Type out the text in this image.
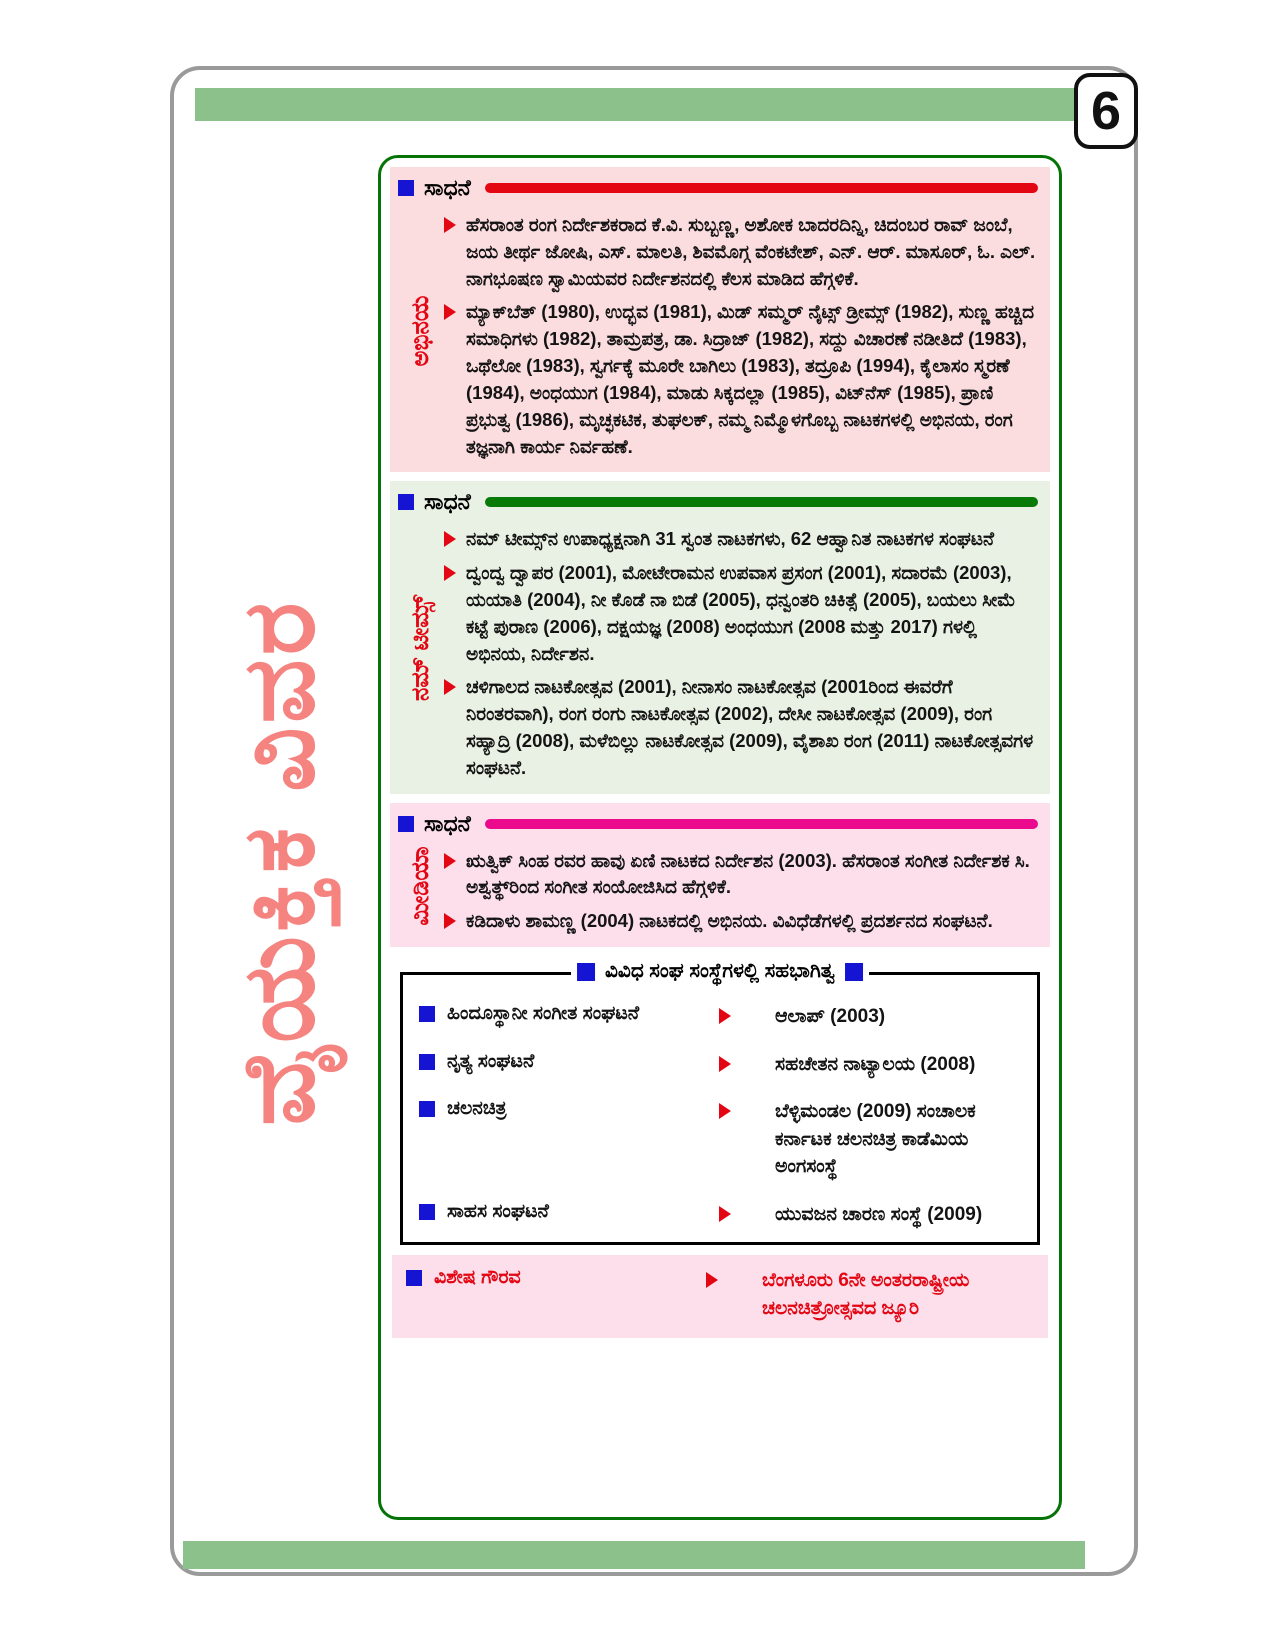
6
ವೈಯಕ್ತಿಕ ವಿವರ
ಸಾಧನೆ
ಅಭಿನಯ

ಹೆಸರಾಂತ ರಂಗ ನಿರ್ದೇಶಕರಾದ ಕೆ.ವಿ. ಸುಬ್ಬಣ್ಣ, ಅಶೋಕ ಬಾದರದಿನ್ನಿ, ಚಿದಂಬರ ರಾವ್ ಜಂಬೆ, ಜಯ ತೀರ್ಥ ಜೋಷಿ, ಎಸ್. ಮಾಲತಿ, ಶಿವಮೊಗ್ಗ ವೆಂಕಟೇಶ್, ಎನ್. ಆರ್. ಮಾಸೂರ್, ಓ. ಎಲ್. ನಾಗಭೂಷಣ ಸ್ವಾಮಿಯವರ ನಿರ್ದೇಶನದಲ್ಲಿ ಕೆಲಸ ಮಾಡಿದ ಹೆಗ್ಗಳಿಕೆ.

ಮ್ಯಾಕ್‌ಬೆತ್ (1980), ಉದ್ಭವ (1981), ಮಿಡ್ ಸಮ್ಮರ್ ನೈಟ್ಸ್ ಡ್ರೀಮ್ಸ್ (1982), ಸುಣ್ಣ ಹಚ್ಚಿದ ಸಮಾಧಿಗಳು (1982), ತಾಮ್ರಪತ್ರ, ಡಾ. ಸಿದ್ರಾಜ್ (1982), ಸದ್ದು ವಿಚಾರಣೆ ನಡೀತಿದೆ (1983), ಒಥೆಲೋ (1983), ಸ್ವರ್ಗಕ್ಕೆ ಮೂರೇ ಬಾಗಿಲು (1983), ತದ್ರೂಪಿ (1994), ಕೈಲಾಸಂ ಸ್ಮರಣೆ (1984), ಅಂಧಯುಗ (1984), ಮಾಡು ಸಿಕ್ಕದಲ್ಲಾ (1985), ವಿಟ್‌ನೆಸ್ (1985), ಪ್ರಾಣಿ ಪ್ರಭುತ್ವ (1986), ಮೃಚ್ಛಕಟಿಕ, ತುಘಲಕ್, ನಮ್ಮ ನಿಮ್ಮೊಳಗೊಬ್ಬ ನಾಟಕಗಳಲ್ಲಿ ಅಭಿನಯ, ರಂಗ ತಜ್ಞನಾಗಿ ಕಾರ್ಯ ನಿರ್ವಹಣೆ.

ಸಾಧನೆ
ನಮ್ ಟೀಮ್ಸ್

ನಮ್ ಟೀಮ್ಸ್‌ನ ಉಪಾಧ್ಯಕ್ಷನಾಗಿ 31 ಸ್ವಂತ ನಾಟಕಗಳು, 62 ಆಹ್ವಾನಿತ ನಾಟಕಗಳ ಸಂಘಟನೆ

ದ್ವಂದ್ವ ದ್ವಾಪರ (2001), ಮೋಟೇರಾಮನ ಉಪವಾಸ ಪ್ರಸಂಗ (2001), ಸದಾರಮೆ (2003), ಯಯಾತಿ (2004), ನೀ ಕೊಡೆ ನಾ ಬಿಡೆ (2005), ಧನ್ವಂತರಿ ಚಿಕಿತ್ಸೆ (2005), ಬಯಲು ಸೀಮೆ ಕಟ್ಟೆ ಪುರಾಣ (2006), ದಕ್ಷಯಜ್ಞ (2008) ಅಂಧಯುಗ (2008 ಮತ್ತು 2017) ಗಳಲ್ಲಿ ಅಭಿನಯ, ನಿರ್ದೇಶನ.

ಚಳಿಗಾಲದ ನಾಟಕೋತ್ಸವ (2001), ನೀನಾಸಂ ನಾಟಕೋತ್ಸವ (2001ರಿಂದ ಈವರೆಗೆ ನಿರಂತರವಾಗಿ), ರಂಗ ರಂಗು ನಾಟಕೋತ್ಸವ (2002), ದೇಸೀ ನಾಟಕೋತ್ಸವ (2009), ರಂಗ ಸಹ್ಯಾದ್ರಿ (2008), ಮಳೆಬಿಲ್ಲು ನಾಟಕೋತ್ಸವ (2009), ವೈಶಾಖ ರಂಗ (2011) ನಾಟಕೋತ್ಸವಗಳ ಸಂಘಟನೆ.

ಸಾಧನೆ
ಮೀಡಿಯಾ ಋತ್ವಿಕ್ ಸಿಂಹ ರವರ ಹಾವು ಏಣಿ ನಾಟಕದ ನಿರ್ದೇಶನ (2003). ಹೆಸರಾಂತ ಸಂಗೀತ ನಿರ್ದೇಶಕ ಸಿ. ಅಶ್ವತ್ಥ್‌ರಿಂದ ಸಂಗೀತ ಸಂಯೋಜಿಸಿದ ಹೆಗ್ಗಳಿಕೆ.

ಕಡಿದಾಳು ಶಾಮಣ್ಣ (2004) ನಾಟಕದಲ್ಲಿ ಅಭಿನಯ. ವಿವಿಧೆಡೆಗಳಲ್ಲಿ ಪ್ರದರ್ಶನದ ಸಂಘಟನೆ.

ವಿವಿಧ ಸಂಘ ಸಂಸ್ಥೆಗಳಲ್ಲಿ ಸಹಭಾಗಿತ್ವ
ಹಿಂದೂಸ್ಥಾನೀ ಸಂಗೀತ ಸಂಘಟನೆ	ಆಲಾಪ್ (2003)
ನೃತ್ಯ ಸಂಘಟನೆ	ಸಹಚೇತನ ನಾಟ್ಯಾಲಯ (2008)
ಚಲನಚಿತ್ರ	ಬೆಳ್ಳಿಮಂಡಲ (2009) ಸಂಚಾಲಕ ಕರ್ನಾಟಕ ಚಲನಚಿತ್ರ ಕಾಡೆಮಿಯ ಅಂಗಸಂಸ್ಥೆ
ಸಾಹಸ ಸಂಘಟನೆ	ಯುವಜನ ಚಾರಣ ಸಂಸ್ಥೆ (2009)
ವಿಶೇಷ ಗೌರವ	ಬೆಂಗಳೂರು 6ನೇ ಅಂತರರಾಷ್ಟ್ರೀಯ ಚಲನಚಿತ್ರೋತ್ಸವದ ಜ್ಯೂರಿ
